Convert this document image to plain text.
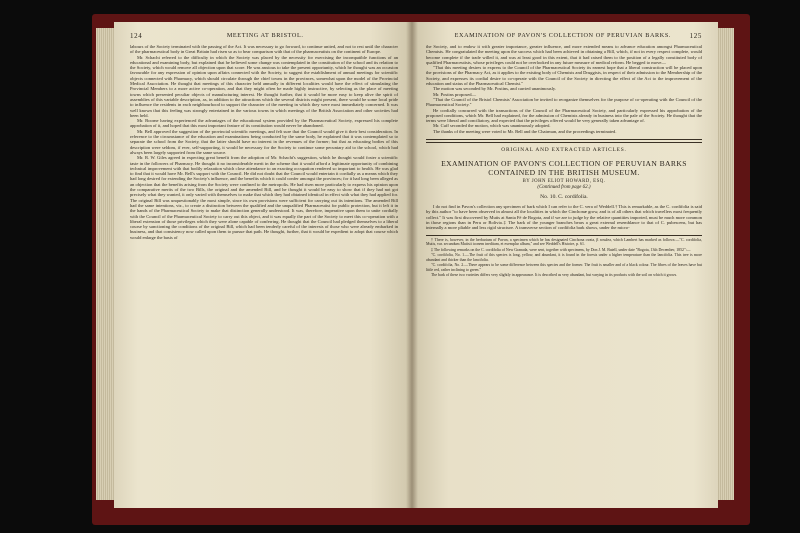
124	MEETING AT BRISTOL.

labours of the Society terminated with the passing of the Act. It was necessary to go forward, to continue united, and not to rest until the character of the pharmaceutical body in Great Britain had risen so as to bear comparison with that of the pharmaceutists on the continent of Europe.

Mr. Schacht referred to the difficulty in which the Society was placed by the necessity for exercising the incompatible functions of an educational and examining body, but explained that he believed some change was contemplated in the constitution of the school and its relation to the Society, which would remove all objection upon that score. He was anxious to take the present opportunity, which he thought was an occasion favourable for any expression of opinion upon affairs connected with the Society, to suggest the establishment of annual meetings for scientific objects connected with Pharmacy, which should circulate through the chief towns in the provinces, somewhat upon the model of the Provincial Medical Association. He thought that meetings of this character held annually in different localities would have the effect of stimulating the Provincial Members to a more active co-operation, and that they might often be made highly instructive, by selecting as the place of meeting towns which presented peculiar objects of manufacturing interest. He thought further, that it would be more easy to keep alive the spirit of assemblies of this variable description, as, in addition to the attractions which the several districts might present, there would be some local pride to influence the residents in each neighbourhood to support the character of the meeting in which they were most immediately concerned. It was well known that this feeling was strongly entertained in the various towns in which meetings of the British Association and other societies had been held.

Mr. Boorne having experienced the advantages of the educational system provided by the Pharmaceutical Society, expressed his complete approbation of it, and hoped that this most important feature of its constitution would never be abandoned.

Mr. Bell approved the suggestion of the provincial scientific meetings, and felt sure that the Council would give it their best consideration. In reference to the circumstance of the education and examinations being conducted by the same body, he explained that it was contemplated so to separate the school from the Society, that the latter should have no interest in the revenues of the former; but that as educating bodies of this description were seldom, if ever, self-supporting, it would be necessary for the Society to continue some pecuniary aid to the school, which had always been largely supported from the same source.

Mr. R. W. Giles agreed in expecting great benefit from the adoption of Mr. Schacht's suggestion, which he thought would foster a scientific taste in the followers of Pharmacy. He thought it no inconsiderable merit in the scheme that it would afford a legitimate opportunity of combining technical improvement with that bodily relaxation which close attendance to an exacting occupation rendered so important to health. He was glad to find that it would have Mr. Bell's support with the Council. He did not doubt that the Council would entertain it cordially as a means which they had long desired for extending the Society's influence, and the benefits which it could confer amongst the provinces; for it had long been alleged as an objection that the benefits arising from the Society were confined to the metropolis. He had risen more particularly to express his opinion upon the comparative merits of the two Bills, the original and the amended Bill, and he thought it would be easy to show that if they had not got precisely what they wanted, it only varied with themselves to make that which they had obtained identical in effect with what they had applied for. The original Bill was unquestionably the most simple, since its own provisions were sufficient for carrying out its intentions. The amended Bill had the same intentions, viz., to create a distinction between the qualified and the unqualified Pharmaceutist for public protection, but it left it in the hands of the Pharmaceutical Society to make that distinction generally understood. It was, therefore, imperative upon them to unite cordially with the Council of the Pharmaceutical Society to carry out this object, and it was equally the part of the Society to meet this co-operation with a liberal extension of those privileges which they were alone capable of conferring. He thought that the Council had pledged themselves to a liberal course by sanctioning the conditions of the original Bill, which had been tenderly careful of the interests of those who were already embarked in business, and that consistency now called upon them to pursue that path. He thought, further, that it would be expedient to adopt that course which would enlarge the basis of

EXAMINATION OF PAVON'S COLLECTION OF PERUVIAN BARKS.	125

the Society, and to endow it with greater importance, greater influence, and more extended means to advance education amongst Pharmaceutical Chemists. He congratulated the meeting upon the success which had been achieved in obtaining a Bill, which, if not in every respect complete, would become complete if the trade willed it, and was at least good in this extent, that it had raised them to the position of a legally constituted body of qualified Pharmaceutists, whose privileges could not be overlooked in any future measure of medical reform. He begged to move—

"That this meeting desires to express to the Council of the Pharmaceutical Society its earnest hope that a liberal construction will be placed upon the provisions of the Pharmacy Act, as it applies to the existing body of Chemists and Druggists, in respect of their admission to the Membership of the Society, and expresses its cordial desire to co-operate with the Council of the Society in directing the effect of the Act to the improvement of the education and status of the Pharmaceutical Chemist."

The motion was seconded by Mr. Postins, and carried unanimously.

Mr. Postins proposed—

"That the Council of the Bristol Chemists' Association be invited to reorganize themselves for the purpose of co-operating with the Council of the Pharmaceutical Society."

He cordially concurred with the transactions of the Council of the Pharmaceutical Society, and particularly expressed his approbation of the proposed conditions, which Mr. Bell had explained, for the admission of Chemists already in business into the pale of the Society. He thought that the terms were liberal and conciliatory, and expected that the privileges offered would be very generally taken advantage of.

Mr. Cuff seconded the motion, which was unanimously adopted.

The thanks of the meeting were voted to Mr. Bell and the Chairman, and the proceedings terminated.

ORIGINAL AND EXTRACTED ARTICLES.
EXAMINATION OF PAVON'S COLLECTION OF PERUVIAN BARKS CONTAINED IN THE BRITISH MUSEUM.
BY JOHN ELIOT HOWARD, ESQ.
(Continued from page 62.)
No. 10. C. cordifolia.

I do not find in Pavon's collection any specimen of bark which I can refer to the C. vera of Weddell.† This is remarkable, as the C. cordifolia is said by this author "to have been observed in almost all the localities in which the Cinchonæ grow, and is of all others that which travellers most frequently collect." It was first discovered by Mutis at Santa Fé de Bogota, and if we are to judge by the relative quantities imported, must be much more common in those regions than in Peru or Bolivia.‡ The bark of the younger branches bears a great external resemblance to that of C. pubescens, but has internally a more pliable and less rigid structure. A transverse section of cordifolia bark shows, under the micro-

† There is, however, in the herbarium of Pavon, a specimen which he has designated Cinchona ovata, β rosulea, which Lambert has marked as follows:—"C. cordifolia, Mutis, var. secundum Mutisii iconem ineditam, et exemplar album," and see Weddell's Histoire, p. 61.

‡ The following remarks on the C. cordifolia of New Granada, were sent, together with specimens, by Don J. M. Batell, under date "Bogota, 13th December, 1852":—

"C. cordifolia, No. 1.—The fruit of this species is long, yellow, and abundant, it is found in the forests under a higher temperature than the lancifolia. This tree is more abundant and thicker than the lancifolia.

"C. cordifolia, No. 2.—There appears to be some difference between this species and the former. The fruit is smaller and of a black colour. The fibres of the leaves have but little red, rather inclining to green."

The bark of these two varieties differs very slightly in appearance. It is described as very abundant, but varying in its products with the soil on which it grows.
